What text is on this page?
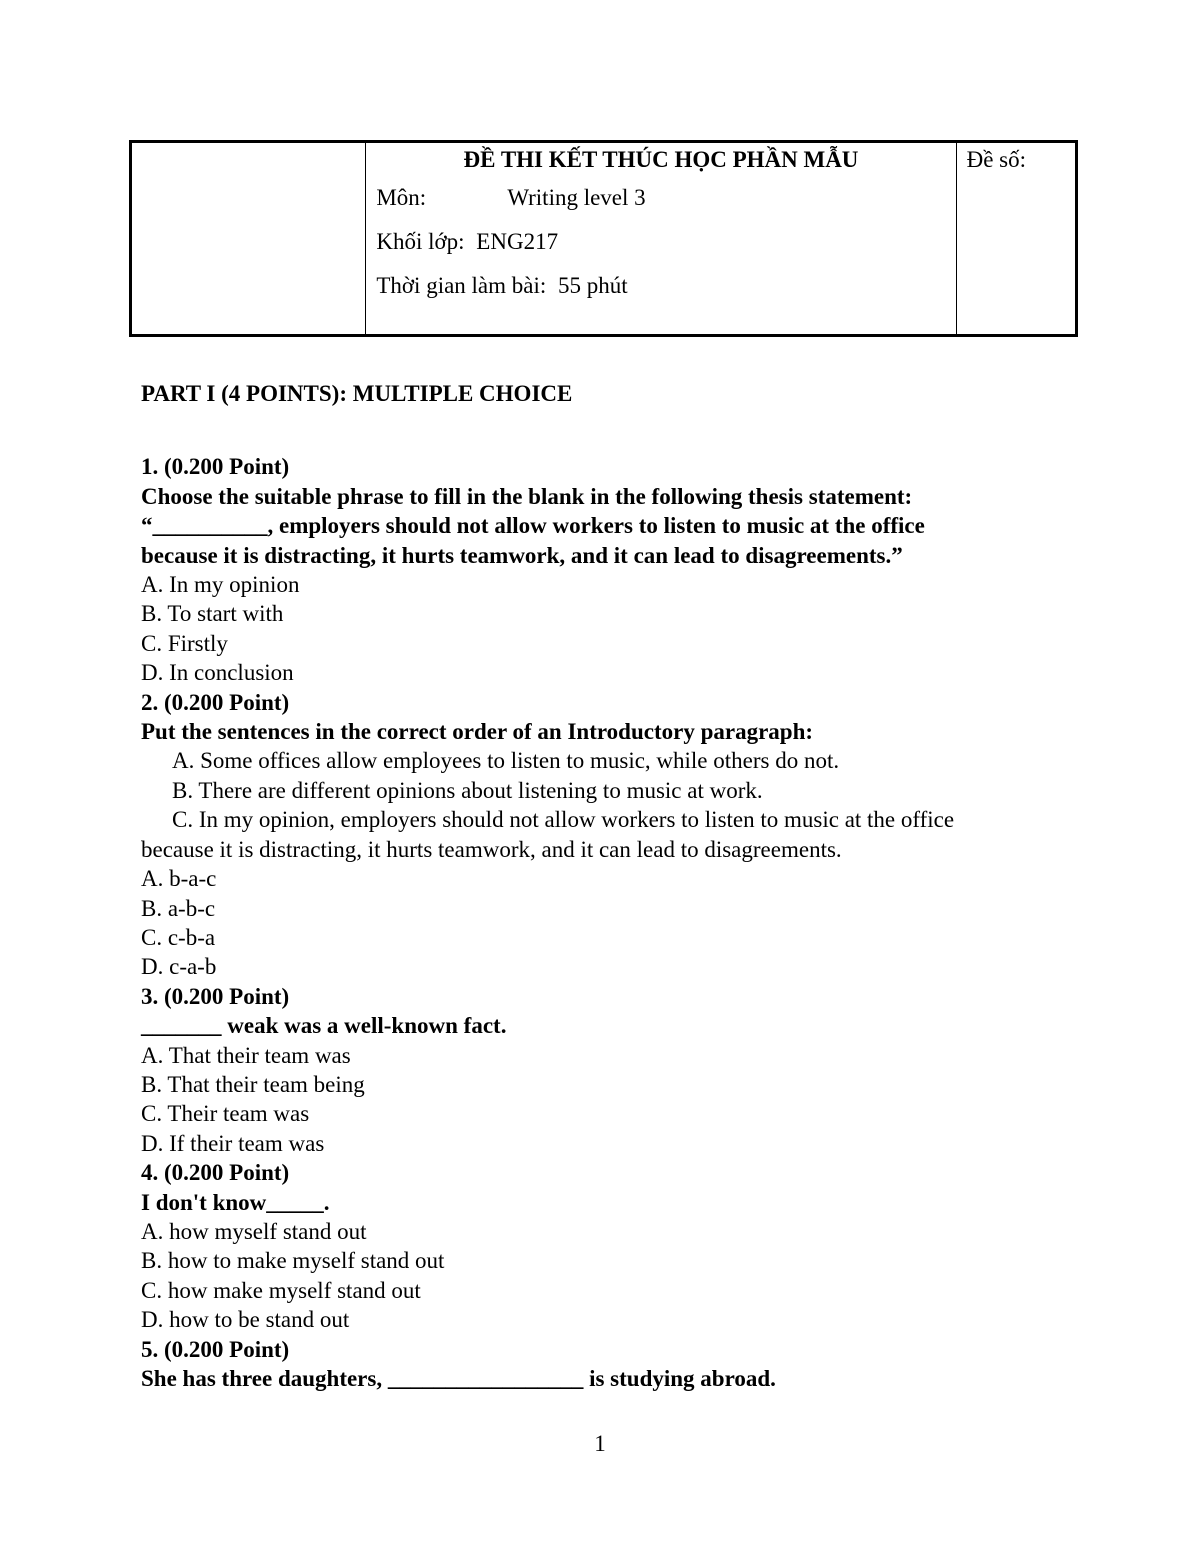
ĐỀ THI KẾT THÚC HỌC PHẦN MẪU
Môn:	Writing level 3
Khối lớp: ENG217
Thời gian làm bài: 55 phút
	Đề số:

PART I (4 POINTS): MULTIPLE CHOICE

1. (0.200 Point)

Choose the suitable phrase to fill in the blank in the following thesis statement:

“__________, employers should not allow workers to listen to music at the office

because it is distracting, it hurts teamwork, and it can lead to disagreements.”

A. In my opinion

B. To start with

C. Firstly

D. In conclusion

2. (0.200 Point)

Put the sentences in the correct order of an Introductory paragraph:

A. Some offices allow employees to listen to music, while others do not.

B. There are different opinions about listening to music at work.

C. In my opinion, employers should not allow workers to listen to music at the office

because it is distracting, it hurts teamwork, and it can lead to disagreements.

A. b-a-c

B. a-b-c

C. c-b-a

D. c-a-b

3. (0.200 Point)

_______ weak was a well-known fact.

A. That their team was

B. That their team being

C. Their team was

D. If their team was

4. (0.200 Point)

I don't know_____.

A. how myself stand out

B. how to make myself stand out

C. how make myself stand out

D. how to be stand out

5. (0.200 Point)

She has three daughters, _________________ is studying abroad.

1
